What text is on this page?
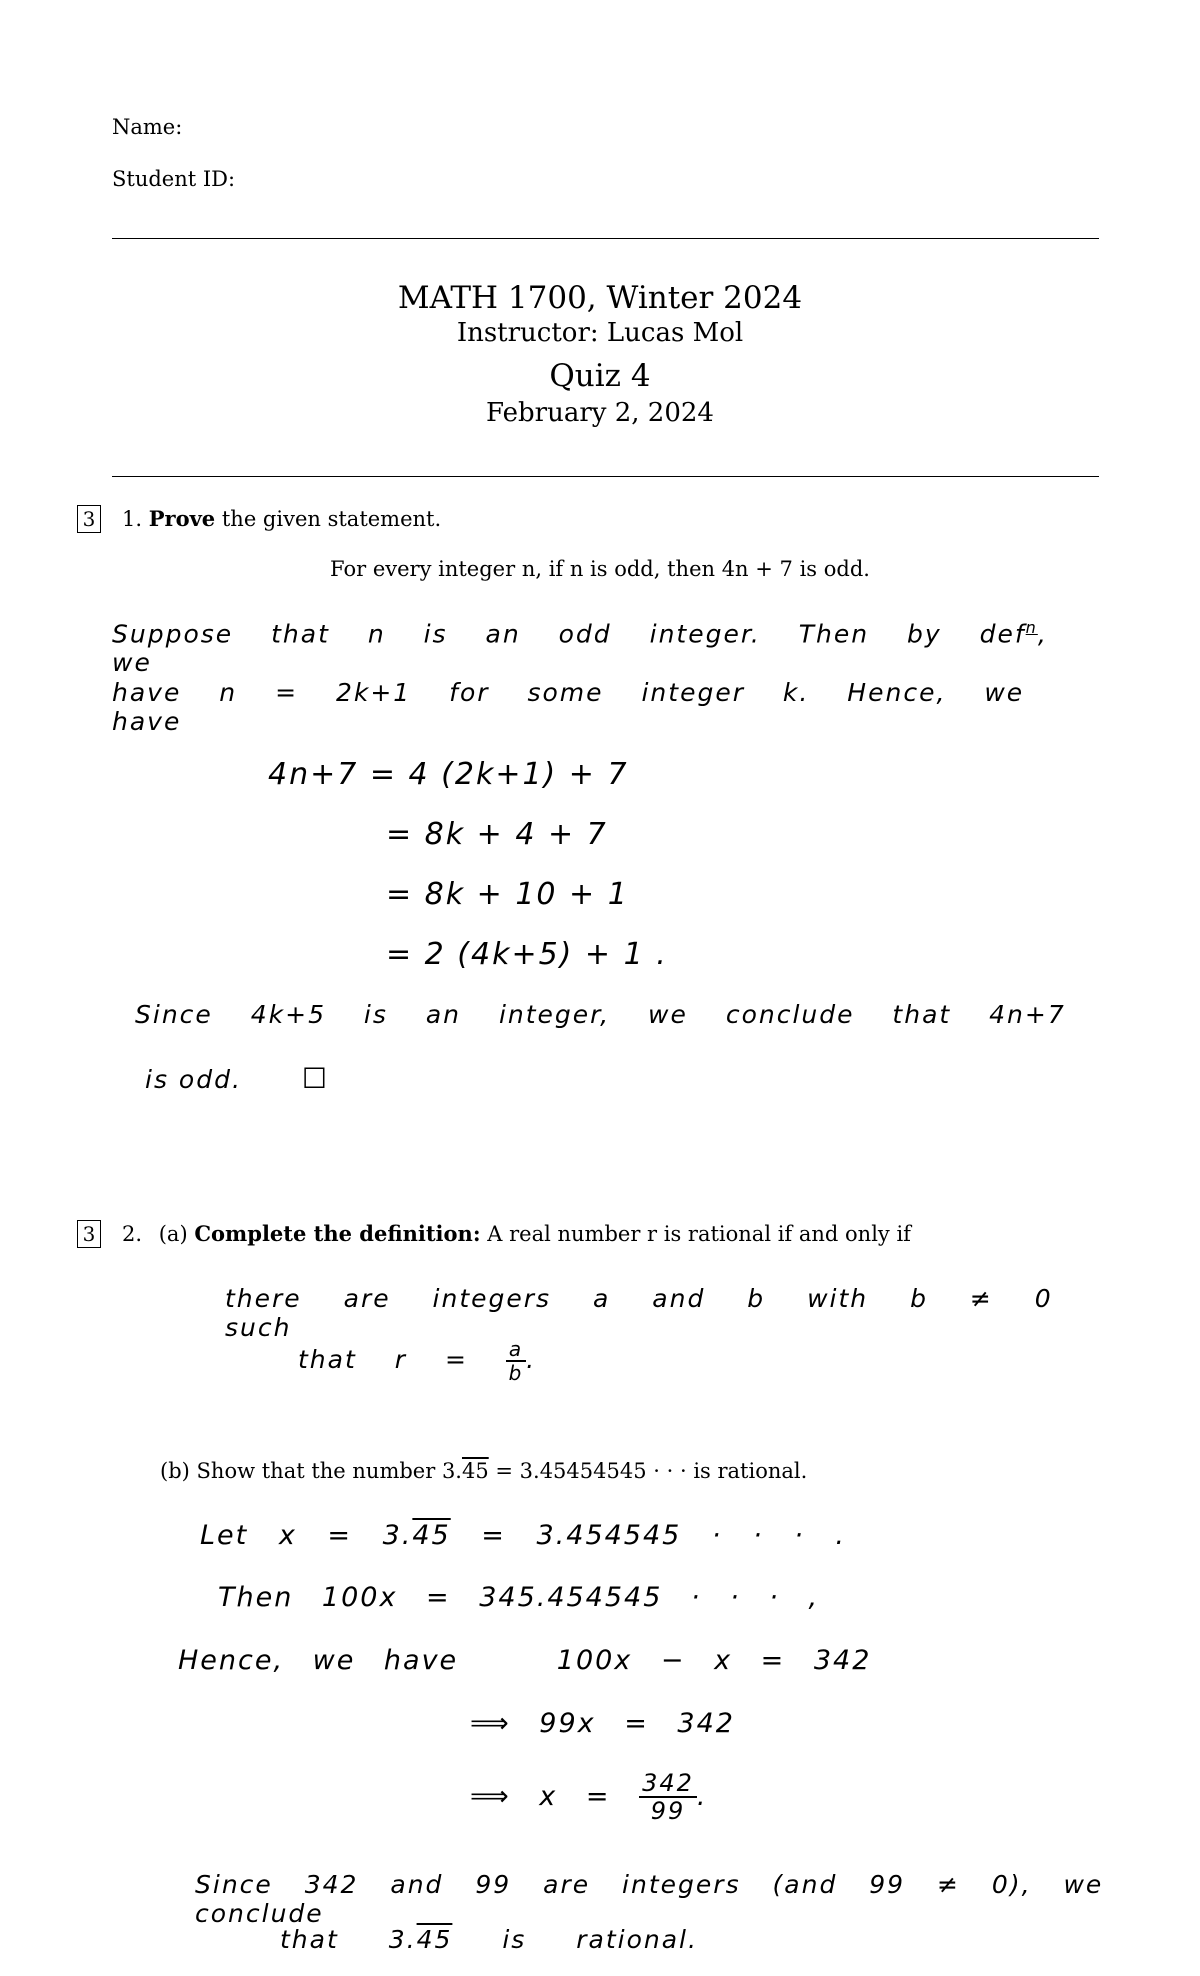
Name:
Student ID:
MATH 1700, Winter 2024
Instructor: Lucas Mol
Quiz 4
February 2, 2024
3 1. Prove the given statement.
For every integer n, if n is odd, then 4n + 7 is odd.
Suppose that n is an odd integer. Then by def$^n$, we
have n = 2k+1 for some integer k. Hence, we have
4n+7 = 4 (2k+1) + 7
= 8k + 4 + 7
= 8k + 10 + 1
= 2 (4k+5) + 1 .
Since 4k+5 is an integer, we conclude that 4n+7
is odd. ☐
3 2. (a) Complete the definition: A real number r is rational if and only if
there are integers a and b with b ≠ 0 such
that $r = \frac{a}{b}$ .
(b) Show that the number 3.45 = 3.45454545 · · · is rational.
Let x = 3.45 = 3.454545 · · · .
Then 100x = 345.454545 · · · ,
Hence, we have	100x − x = 342
⟹ 99x = 342
⟹ $x = \frac{342}{99}$ .
Since 342 and 99 are integers (and 99 ≠ 0), we conclude
that 3.45 is rational.
